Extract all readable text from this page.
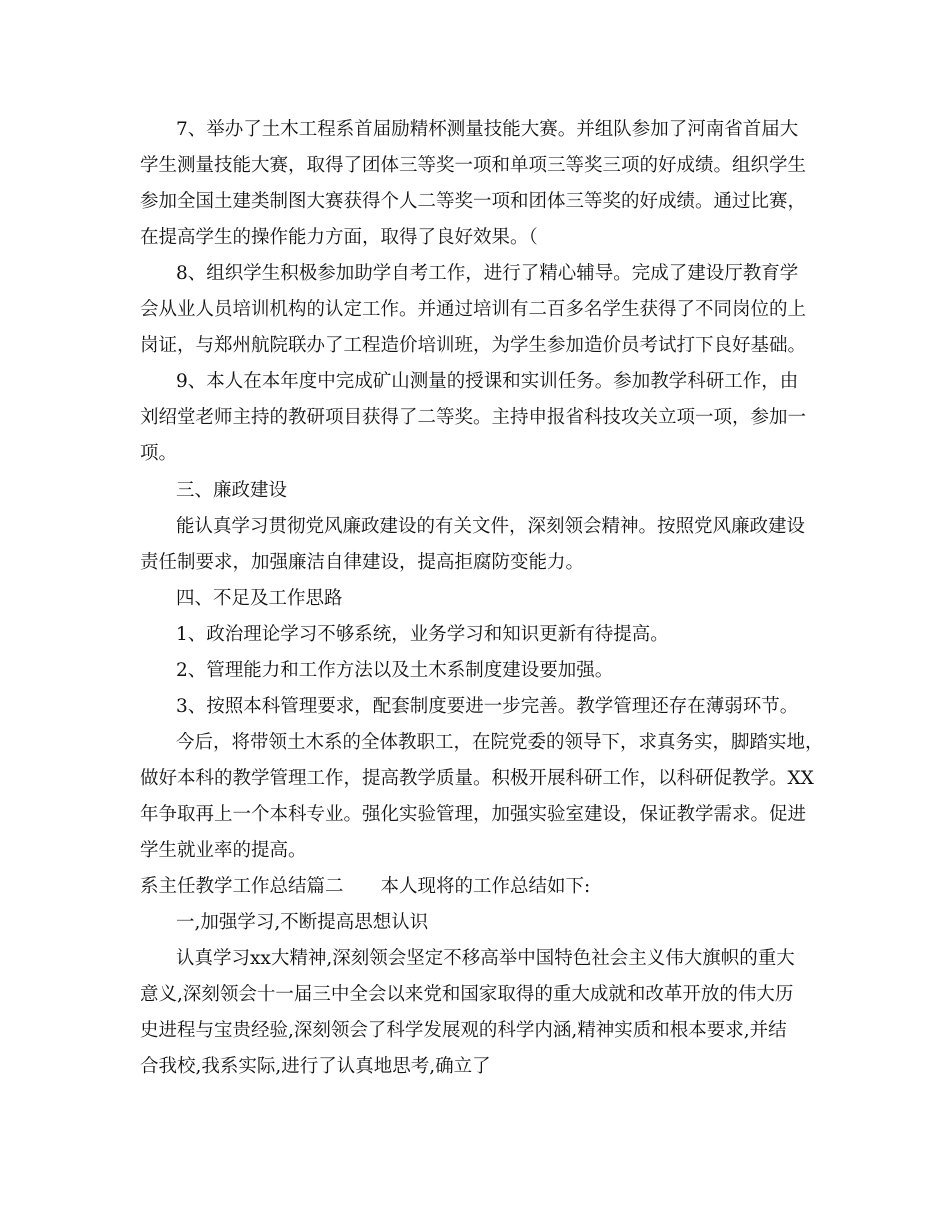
7、举办了土木工程系首届励精杯测量技能大赛。并组队参加了河南省首届大
学生测量技能大赛，取得了团体三等奖一项和单项三等奖三项的好成绩。组织学生
参加全国土建类制图大赛获得个人二等奖一项和团体三等奖的好成绩。通过比赛，
在提高学生的操作能力方面，取得了良好效果。（
8、组织学生积极参加助学自考工作，进行了精心辅导。完成了建设厅教育学
会从业人员培训机构的认定工作。并通过培训有二百多名学生获得了不同岗位的上
岗证，与郑州航院联办了工程造价培训班，为学生参加造价员考试打下良好基础。
9、本人在本年度中完成矿山测量的授课和实训任务。参加教学科研工作，由
刘绍堂老师主持的教研项目获得了二等奖。主持申报省科技攻关立项一项，参加一
项。
三、廉政建设
能认真学习贯彻党风廉政建设的有关文件，深刻领会精神。按照党风廉政建设
责任制要求，加强廉洁自律建设，提高拒腐防变能力。
四、不足及工作思路
1、政治理论学习不够系统，业务学习和知识更新有待提高。
2、管理能力和工作方法以及土木系制度建设要加强。
3、按照本科管理要求，配套制度要进一步完善。教学管理还存在薄弱环节。
今后，将带领土木系的全体教职工，在院党委的领导下，求真务实，脚踏实地，
做好本科的教学管理工作，提高教学质量。积极开展科研工作，以科研促教学。XX
年争取再上一个本科专业。强化实验管理，加强实验室建设，保证教学需求。促进
学生就业率的提高。
系主任教学工作总结篇二　　本人现将的工作总结如下:
一,加强学习,不断提高思想认识
认真学习xx大精神,深刻领会坚定不移高举中国特色社会主义伟大旗帜的重大
意义,深刻领会十一届三中全会以来党和国家取得的重大成就和改革开放的伟大历
史进程与宝贵经验,深刻领会了科学发展观的科学内涵,精神实质和根本要求,并结
合我校,我系实际,进行了认真地思考,确立了
